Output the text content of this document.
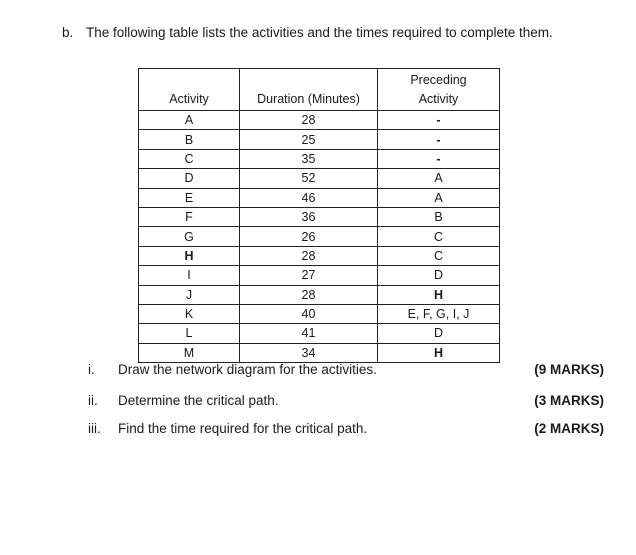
b. The following table lists the activities and the times required to complete them.
Activity	Duration (Minutes)	Preceding Activity
A	28	-
B	25	-
C	35	-
D	52	A
E	46	A
F	36	B
G	26	C
H	28	C
I	27	D
J	28	H
K	40	E, F, G, I, J
L	41	D
M	34	H
i. Draw the network diagram for the activities.	(9 MARKS)
ii. Determine the critical path.	(3 MARKS)
iii. Find the time required for the critical path.	(2 MARKS)
